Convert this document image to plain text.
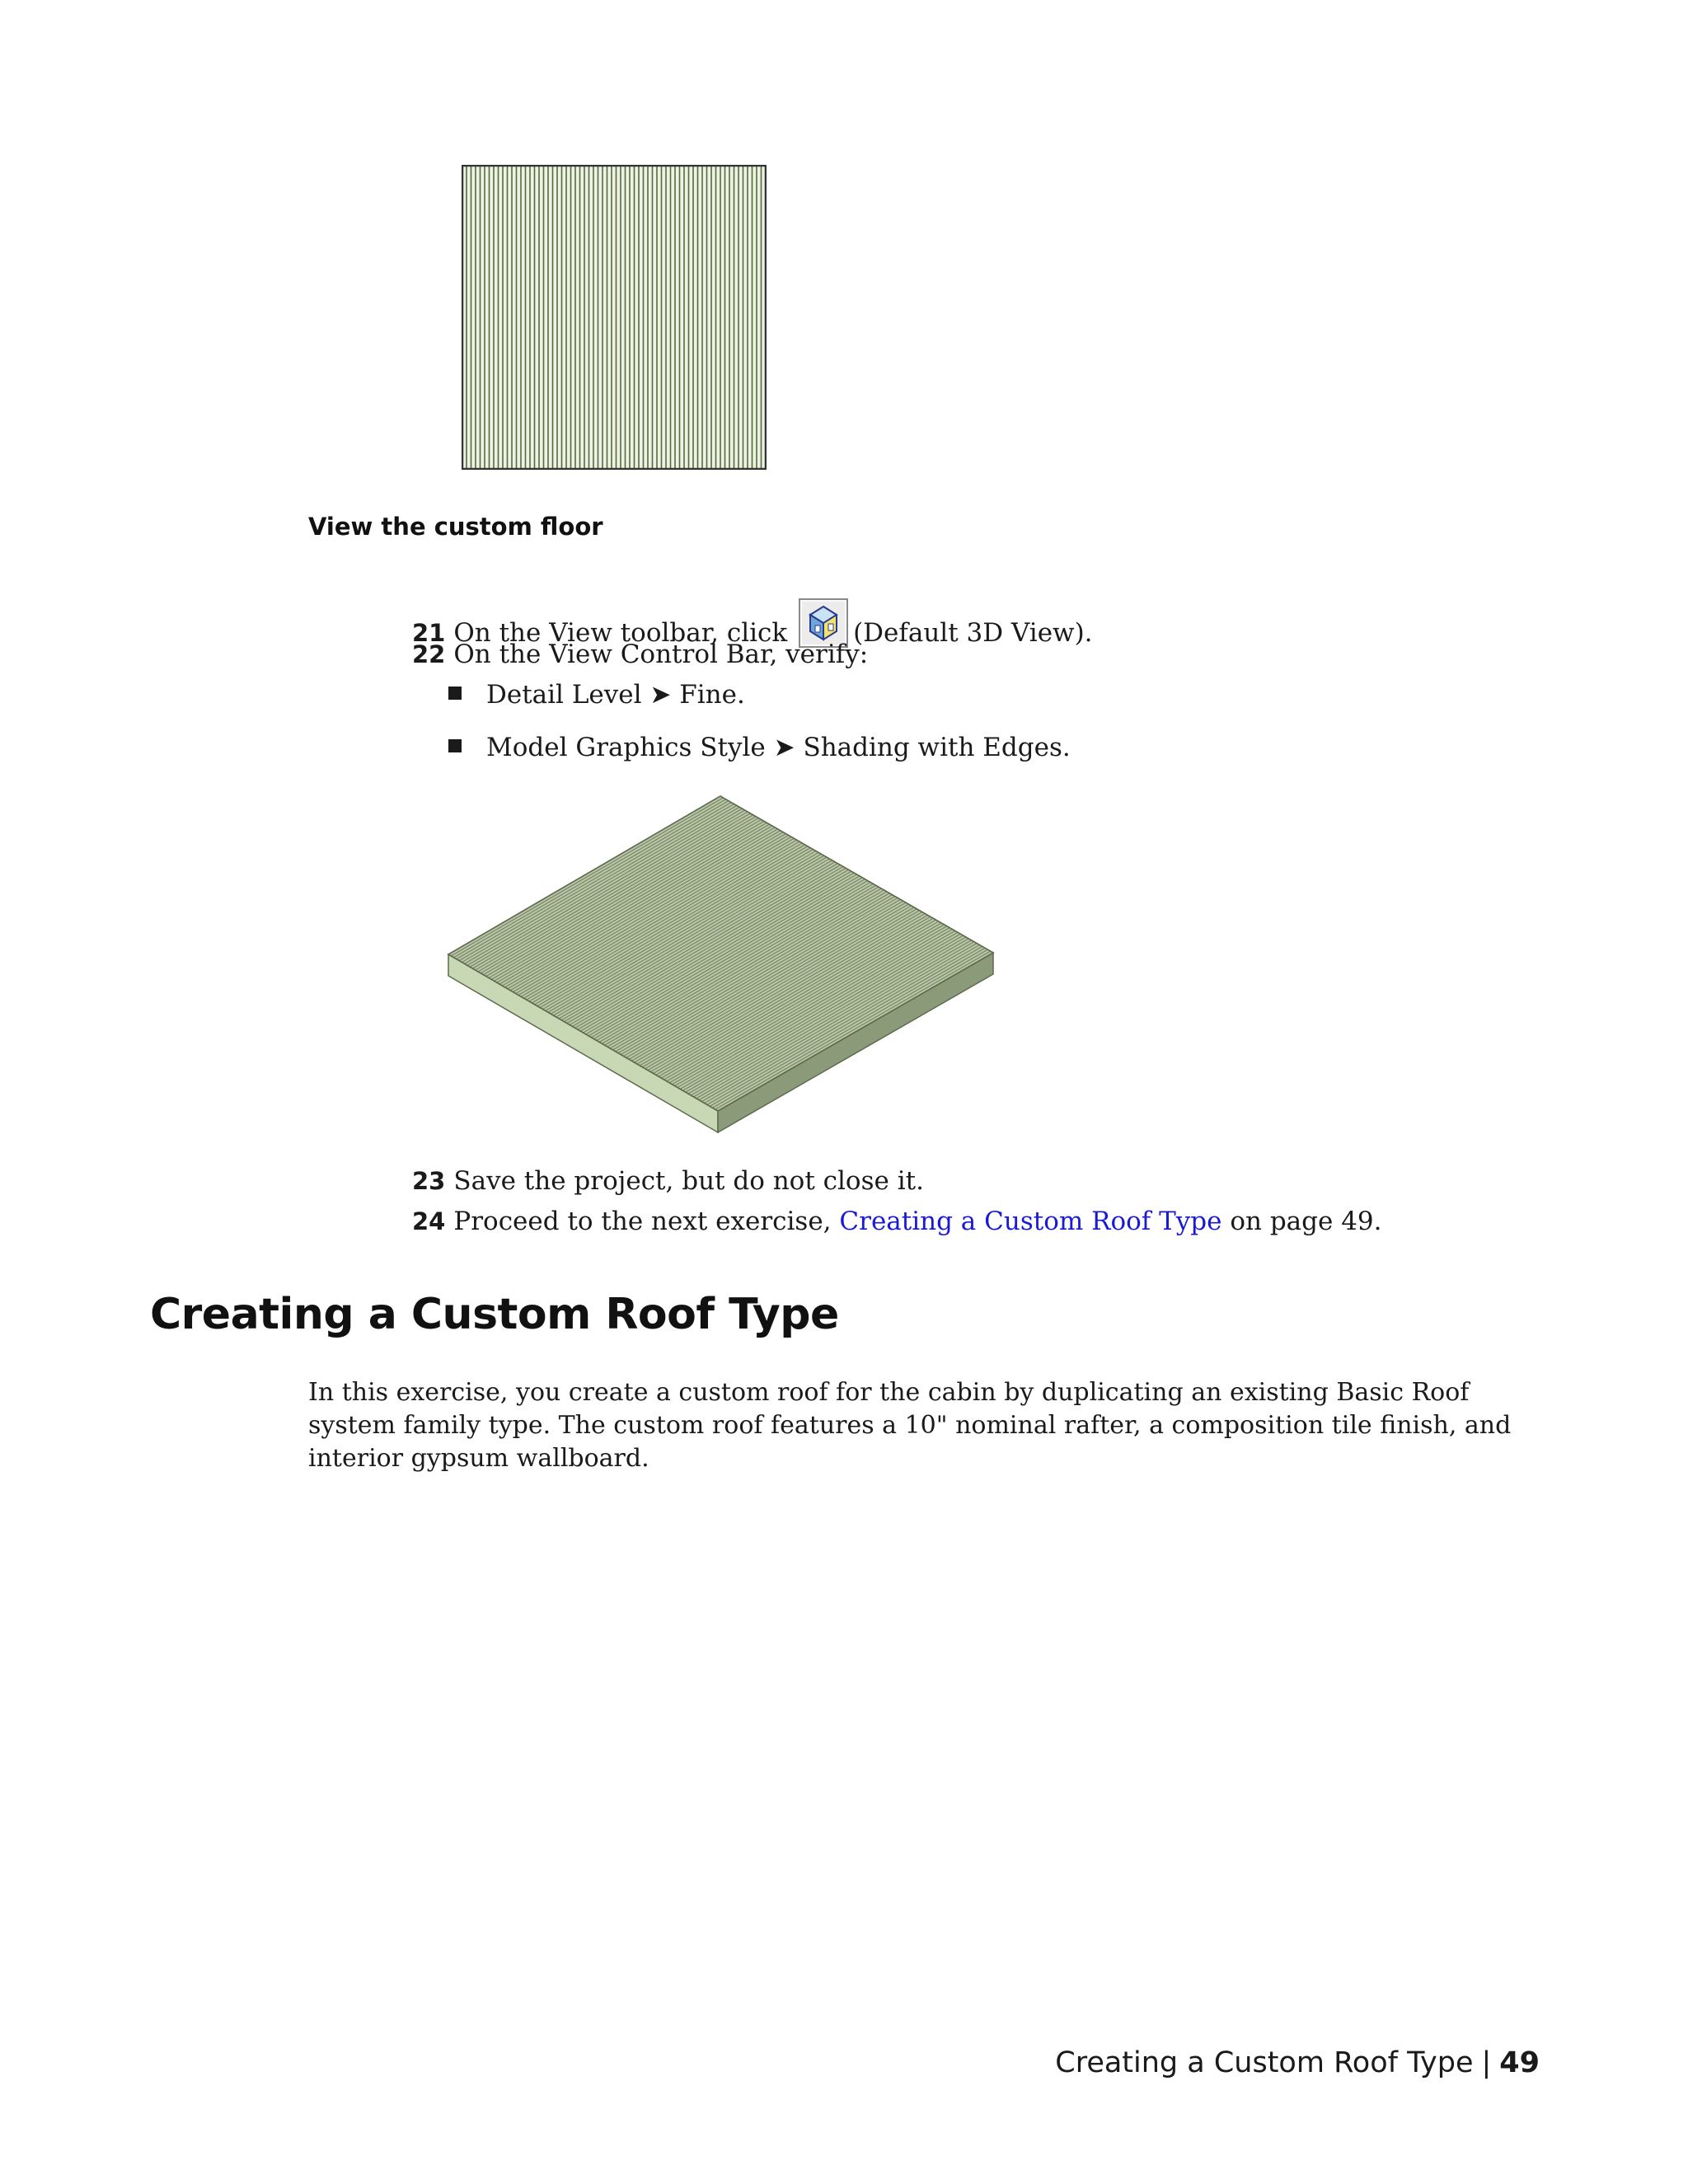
View the custom floor
21 On the View toolbar, click	(Default 3D View).
22 On the View Control Bar, verify:
Detail Level ➤ Fine.
Model Graphics Style ➤ Shading with Edges.
23 Save the project, but do not close it.
24 Proceed to the next exercise, Creating a Custom Roof Type on page 49.
Creating a Custom Roof Type
In this exercise, you create a custom roof for the cabin by duplicating an existing Basic Roof system family type. The custom roof features a 10" nominal rafter, a composition tile finish, and interior gypsum wallboard.
Creating a Custom Roof Type | 49
